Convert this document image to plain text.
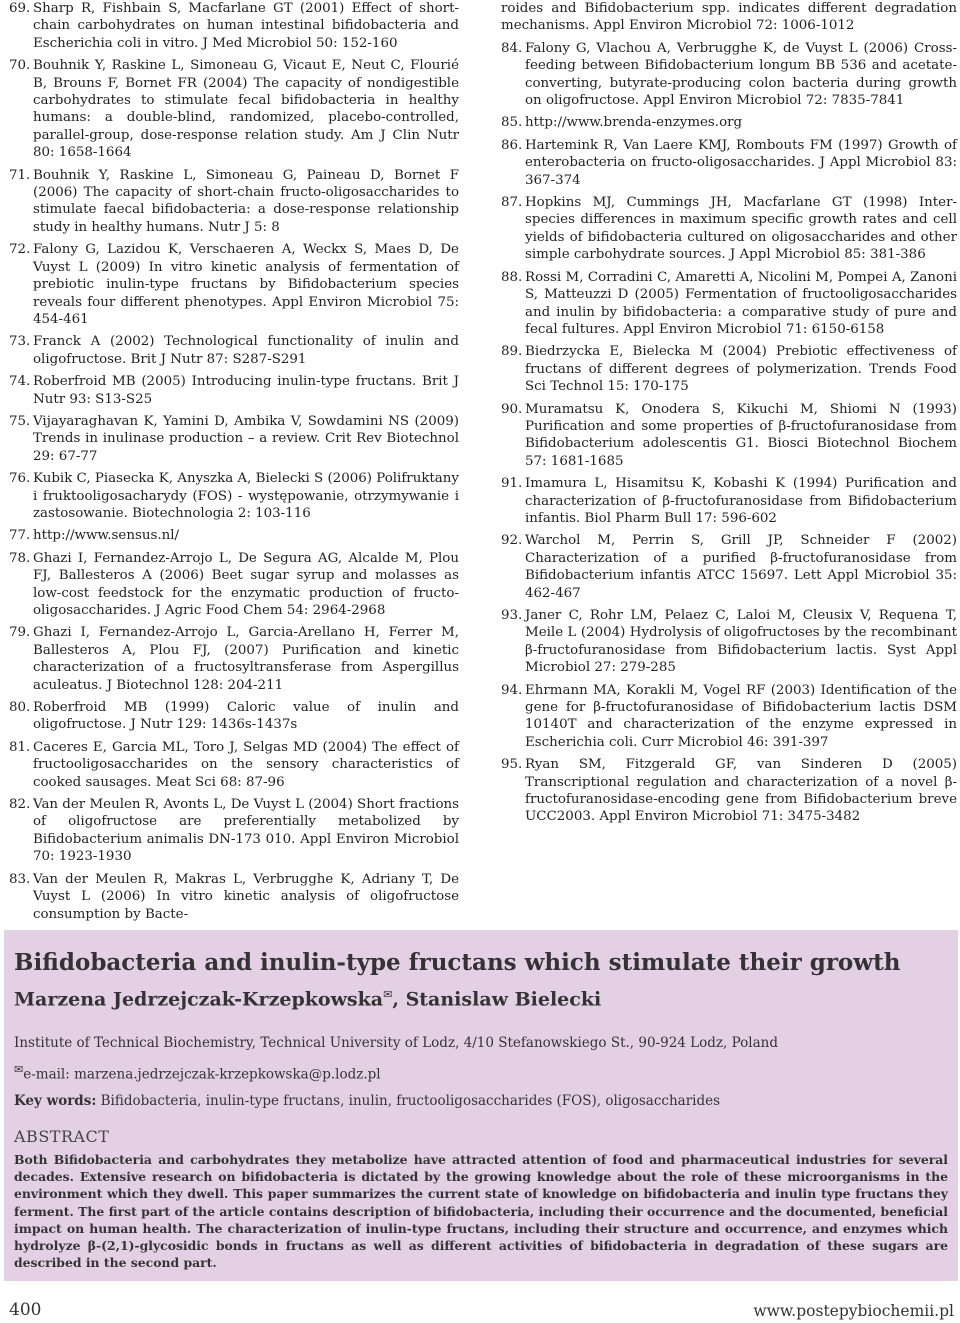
69. Sharp R, Fishbain S, Macfarlane GT (2001) Effect of short-chain carbohydrates on human intestinal bifidobacteria and Escherichia coli in vitro. J Med Microbiol 50: 152-160
70. Bouhnik Y, Raskine L, Simoneau G, Vicaut E, Neut C, Flourié B, Brouns F, Bornet FR (2004) The capacity of nondigestible carbohydrates to stimulate fecal bifidobacteria in healthy humans: a double-blind, randomized, placebo-controlled, parallel-group, dose-response relation study. Am J Clin Nutr 80: 1658-1664
71. Bouhnik Y, Raskine L, Simoneau G, Paineau D, Bornet F (2006) The capacity of short-chain fructo-oligosaccharides to stimulate faecal bifidobacteria: a dose-response relationship study in healthy humans. Nutr J 5: 8
72. Falony G, Lazidou K, Verschaeren A, Weckx S, Maes D, De Vuyst L (2009) In vitro kinetic analysis of fermentation of prebiotic inulin-type fructans by Bifidobacterium species reveals four different phenotypes. Appl Environ Microbiol 75: 454-461
73. Franck A (2002) Technological functionality of inulin and oligofructose. Brit J Nutr 87: S287-S291
74. Roberfroid MB (2005) Introducing inulin-type fructans. Brit J Nutr 93: S13-S25
75. Vijayaraghavan K, Yamini D, Ambika V, Sowdamini NS (2009) Trends in inulinase production – a review. Crit Rev Biotechnol 29: 67-77
76. Kubik C, Piasecka K, Anyszka A, Bielecki S (2006) Polifruktany i fruktooligosacharydy (FOS) - występowanie, otrzymywanie i zastosowanie. Biotechnologia 2: 103-116
77. http://www.sensus.nl/
78. Ghazi I, Fernandez-Arrojo L, De Segura AG, Alcalde M, Plou FJ, Ballesteros A (2006) Beet sugar syrup and molasses as low-cost feedstock for the enzymatic production of fructo-oligosaccharides. J Agric Food Chem 54: 2964-2968
79. Ghazi I, Fernandez-Arrojo L, Garcia-Arellano H, Ferrer M, Ballesteros A, Plou FJ, (2007) Purification and kinetic characterization of a fructosyltransferase from Aspergillus aculeatus. J Biotechnol 128: 204-211
80. Roberfroid MB (1999) Caloric value of inulin and oligofructose. J Nutr 129: 1436s-1437s
81. Caceres E, Garcia ML, Toro J, Selgas MD (2004) The effect of fructooligosaccharides on the sensory characteristics of cooked sausages. Meat Sci 68: 87-96
82. Van der Meulen R, Avonts L, De Vuyst L (2004) Short fractions of oligofructose are preferentially metabolized by Bifidobacterium animalis DN-173 010. Appl Environ Microbiol 70: 1923-1930
83. Van der Meulen R, Makras L, Verbrugghe K, Adriany T, De Vuyst L (2006) In vitro kinetic analysis of oligofructose consumption by Bacte-
roides and Bifidobacterium spp. indicates different degradation mechanisms. Appl Environ Microbiol 72: 1006-1012
84. Falony G, Vlachou A, Verbrugghe K, de Vuyst L (2006) Cross-feeding between Bifidobacterium longum BB 536 and acetate-converting, butyrate-producing colon bacteria during growth on oligofructose. Appl Environ Microbiol 72: 7835-7841
85. http://www.brenda-enzymes.org
86. Hartemink R, Van Laere KMJ, Rombouts FM (1997) Growth of enterobacteria on fructo-oligosaccharides. J Appl Microbiol 83: 367-374
87. Hopkins MJ, Cummings JH, Macfarlane GT (1998) Inter-species differences in maximum specific growth rates and cell yields of bifidobacteria cultured on oligosaccharides and other simple carbohydrate sources. J Appl Microbiol 85: 381-386
88. Rossi M, Corradini C, Amaretti A, Nicolini M, Pompei A, Zanoni S, Matteuzzi D (2005) Fermentation of fructooligosaccharides and inulin by bifidobacteria: a comparative study of pure and fecal fultures. Appl Environ Microbiol 71: 6150-6158
89. Biedrzycka E, Bielecka M (2004) Prebiotic effectiveness of fructans of different degrees of polymerization. Trends Food Sci Technol 15: 170-175
90. Muramatsu K, Onodera S, Kikuchi M, Shiomi N (1993) Purification and some properties of β-fructofuranosidase from Bifidobacterium adolescentis G1. Biosci Biotechnol Biochem 57: 1681-1685
91. Imamura L, Hisamitsu K, Kobashi K (1994) Purification and characterization of β-fructofuranosidase from Bifidobacterium infantis. Biol Pharm Bull 17: 596-602
92. Warchol M, Perrin S, Grill JP, Schneider F (2002) Characterization of a purified β-fructofuranosidase from Bifidobacterium infantis ATCC 15697. Lett Appl Microbiol 35: 462-467
93. Janer C, Rohr LM, Pelaez C, Laloi M, Cleusix V, Requena T, Meile L (2004) Hydrolysis of oligofructoses by the recombinant β-fructofuranosidase from Bifidobacterium lactis. Syst Appl Microbiol 27: 279-285
94. Ehrmann MA, Korakli M, Vogel RF (2003) Identification of the gene for β-fructofuranosidase of Bifidobacterium lactis DSM 10140T and characterization of the enzyme expressed in Escherichia coli. Curr Microbiol 46: 391-397
95. Ryan SM, Fitzgerald GF, van Sinderen D (2005) Transcriptional regulation and characterization of a novel β-fructofuranosidase-encoding gene from Bifidobacterium breve UCC2003. Appl Environ Microbiol 71: 3475-3482
Bifidobacteria and inulin-type fructans which stimulate their growth
Marzena Jedrzejczak-Krzepkowska✉, Stanislaw Bielecki
Institute of Technical Biochemistry, Technical University of Lodz, 4/10 Stefanowskiego St., 90-924 Lodz, Poland
✉e-mail: marzena.jedrzejczak-krzepkowska@p.lodz.pl
Key words: Bifidobacteria, inulin-type fructans, inulin, fructooligosaccharides (FOS), oligosaccharides
ABSTRACT
Both Bifidobacteria and carbohydrates they metabolize have attracted attention of food and pharmaceutical industries for several decades. Extensive research on bifidobacteria is dictated by the growing knowledge about the role of these microorganisms in the environment which they dwell. This paper summarizes the current state of knowledge on bifidobacteria and inulin type fructans they ferment. The first part of the article contains description of bifidobacteria, including their occurrence and the documented, beneficial impact on human health. The characterization of inulin-type fructans, including their structure and occurrence, and enzymes which hydrolyze β-(2,1)-glycosidic bonds in fructans as well as different activities of bifidobacteria in degradation of these sugars are described in the second part.
400	www.postepybiochemii.pl
